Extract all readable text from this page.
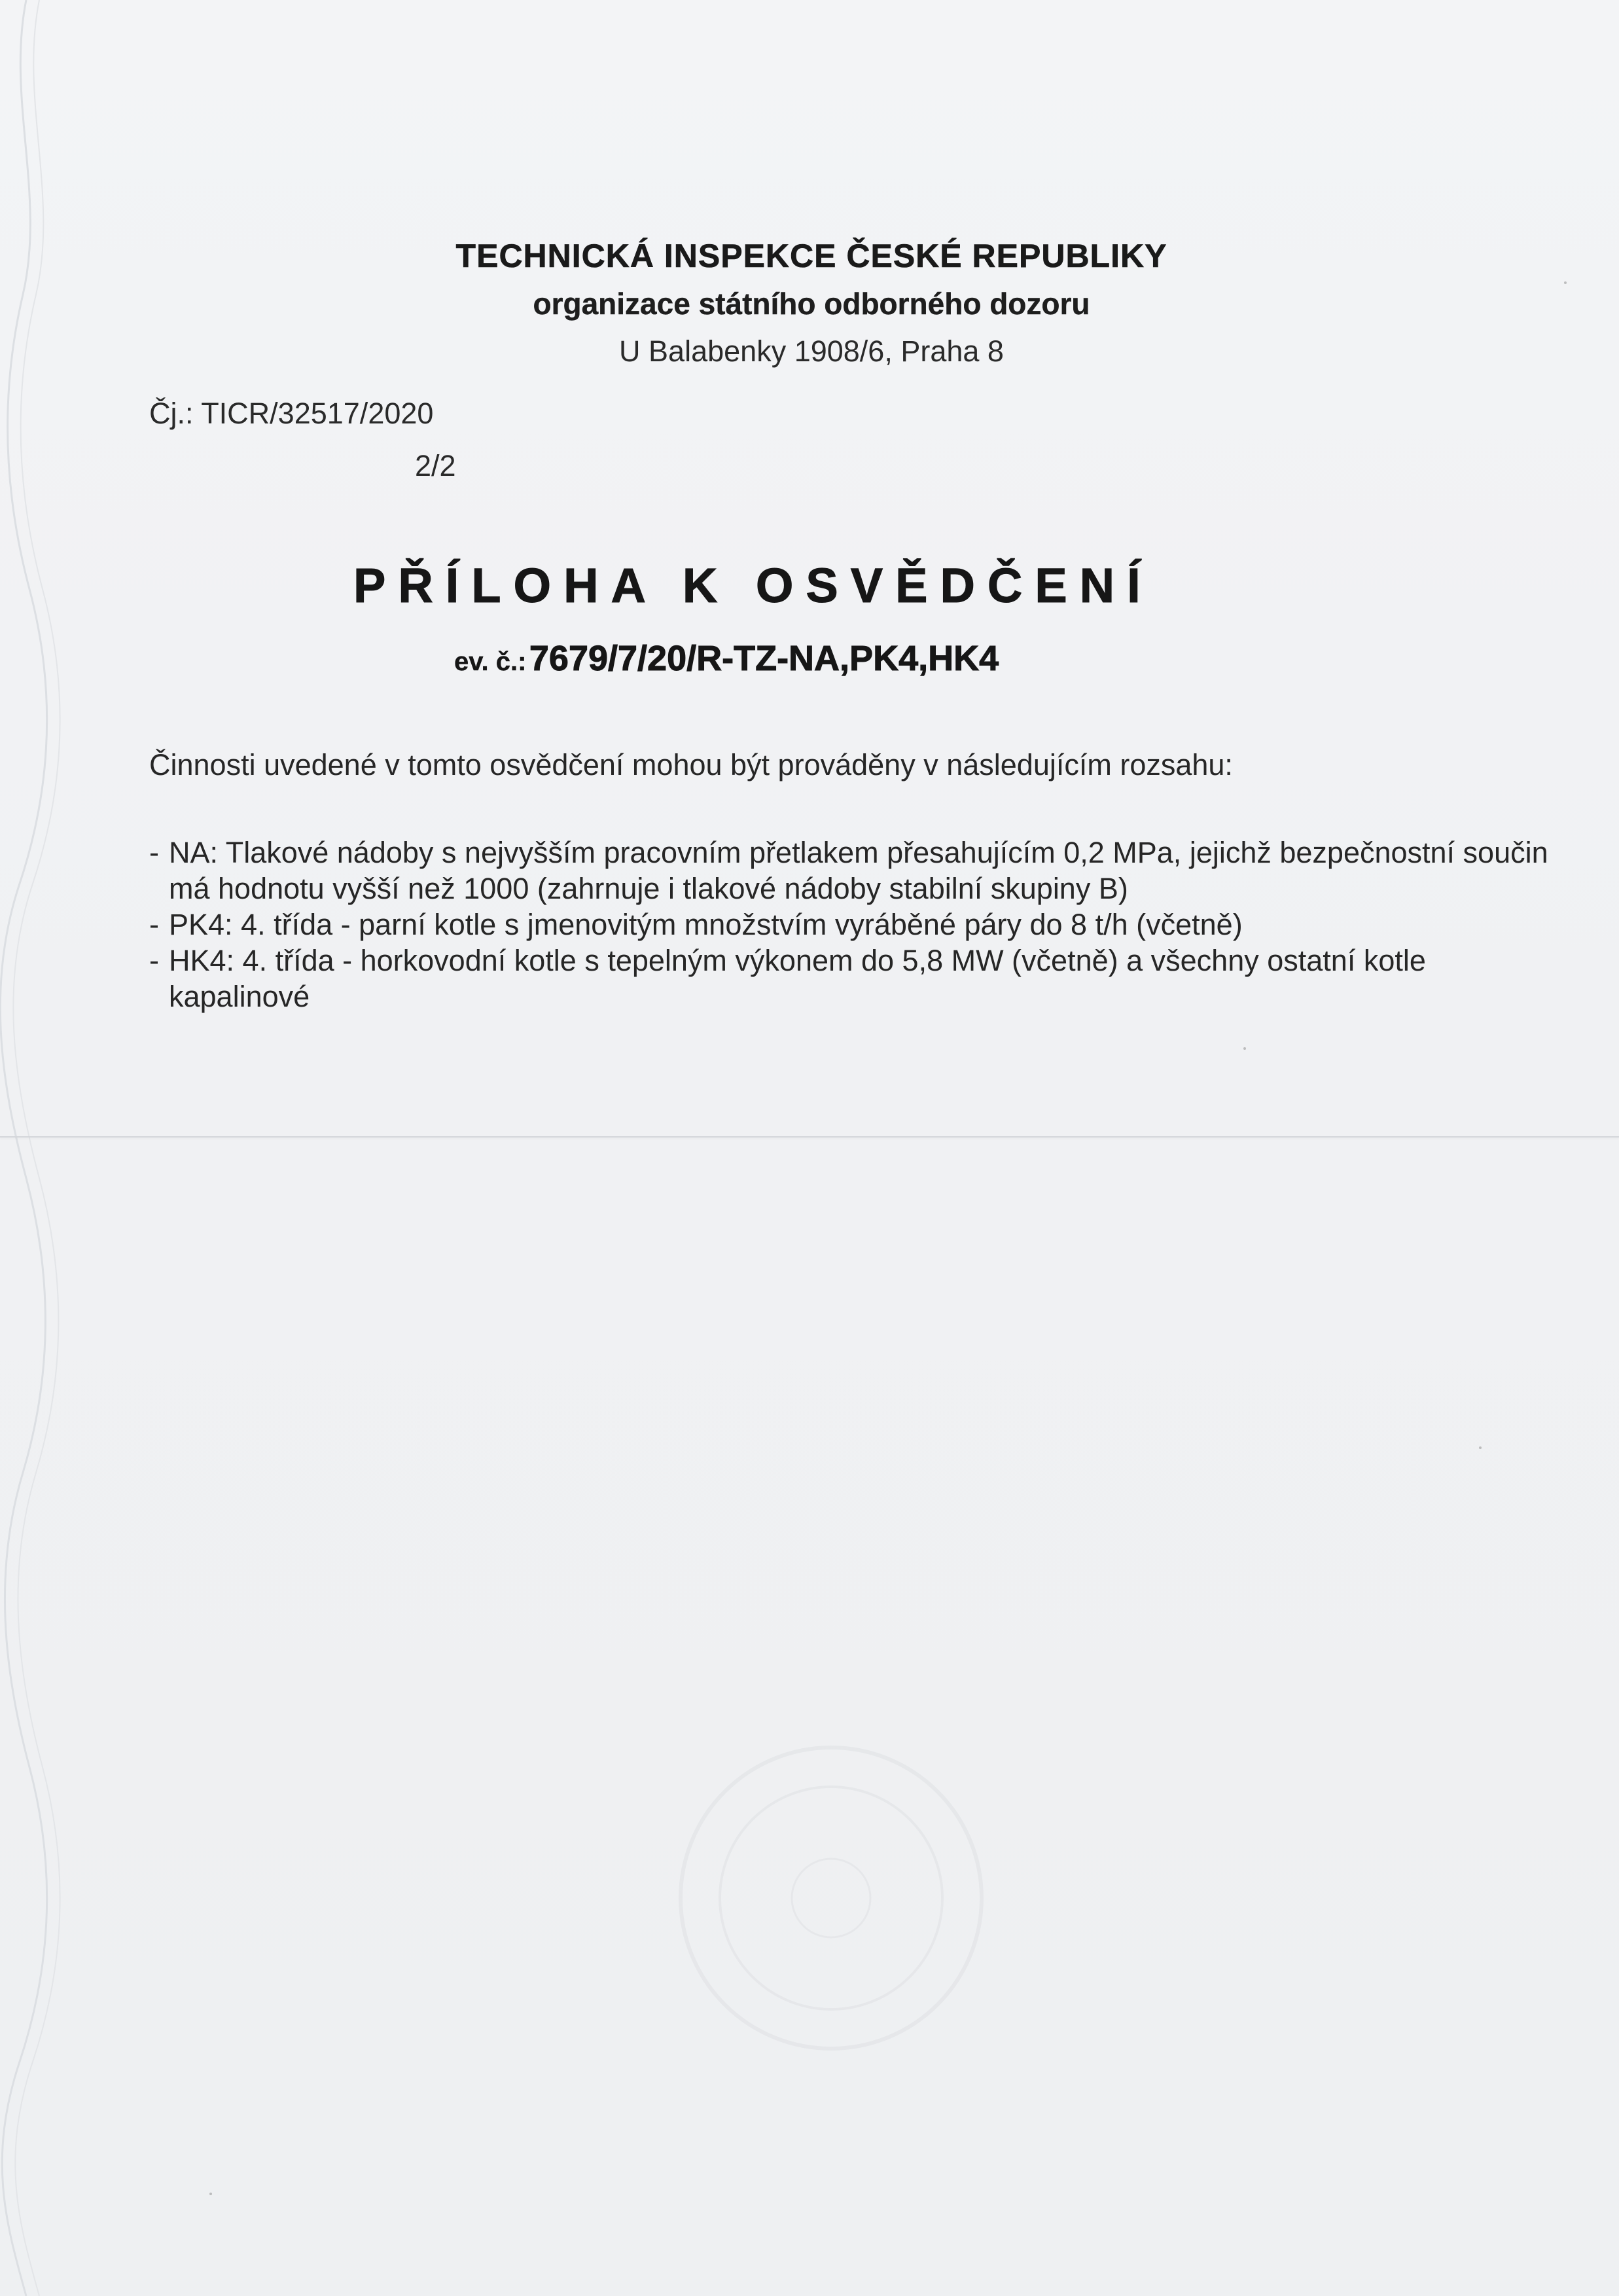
TECHNICKÁ INSPEKCE ČESKÉ REPUBLIKY
organizace státního odborného dozoru
U Balabenky 1908/6, Praha 8
Čj.: TICR/32517/2020
2/2
PŘÍLOHA K OSVĚDČENÍ
ev. č.: 7679/7/20/R-TZ-NA,PK4,HK4
Činnosti uvedené v tomto osvědčení mohou být prováděny v následujícím rozsahu:
- NA: Tlakové nádoby s nejvyšším pracovním přetlakem přesahujícím 0,2 MPa, jejichž bezpečnostní součin má hodnotu vyšší než 1000 (zahrnuje i tlakové nádoby stabilní skupiny B)
- PK4: 4. třída - parní kotle s jmenovitým množstvím vyráběné páry do 8 t/h (včetně)
- HK4: 4. třída - horkovodní kotle s tepelným výkonem do 5,8 MW (včetně) a všechny ostatní kotle kapalinové
